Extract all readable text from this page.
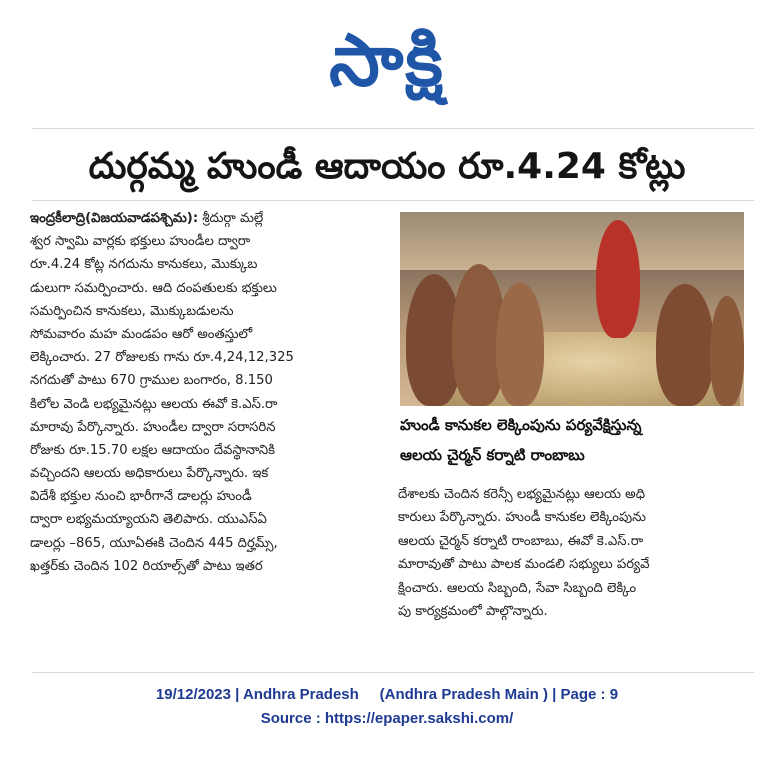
సాక్షి
దుర్గమ్మ హుండీ ఆదాయం రూ.4.24 కోట్లు
ఇంద్రకీలాద్రి(విజయవాడపశ్చిమ): శ్రీదుర్గా మల్లే
శ్వర స్వామి వార్లకు భక్తులు హుండీల ద్వారా
రూ.4.24 కోట్ల నగదును కానుకలు, మొక్కుబ
డులుగా సమర్పించారు. ఆది దంపతులకు భక్తులు
సమర్పించిన కానుకలు, మొక్కుబడులను
సోమవారం మహ మండపం ఆరో అంతస్తులో
లెక్కించారు. 27 రోజులకు గాను రూ.4,24,12,325
నగదుతో పాటు 670 గ్రాముల బంగారం, 8.150
కిలోల వెండి లభ్యమైనట్లు ఆలయ ఈవో కె.ఎస్.రా
మారావు పేర్కొన్నారు. హుండీల ద్వారా సరాసరిన
రోజుకు రూ.15.70 లక్షల ఆదాయం దేవస్థానానికి
వచ్చిందని ఆలయ అధికారులు పేర్కొన్నారు. ఇక
విదేశీ భక్తుల నుంచి భారీగానే డాలర్లు హుండీ
ద్వారా లభ్యమయ్యాయని తెలిపారు. యుఎస్ఏ
డాలర్లు –865, యూఏఈకి చెందిన 445 దిర్హమ్స్,
ఖత్తర్‌కు చెందిన 102 రియాల్స్‌తో పాటు ఇతర
హుండీ కానుకల లెక్కింపును పర్యవేక్షిస్తున్న
ఆలయ చైర్మన్ కర్నాటి రాంబాబు
దేశాలకు చెందిన కరెన్సీ లభ్యమైనట్లు ఆలయ అధి
కారులు పేర్కొన్నారు. హుండీ కానుకల లెక్కింపును
ఆలయ చైర్మన్ కర్నాటి రాంబాబు, ఈవో కె.ఎస్.రా
మారావుతో పాటు పాలక మండలి సభ్యులు పర్యవే
క్షించారు. ఆలయ సిబ్బంది, సేవా సిబ్బంది లెక్కిం
పు కార్యక్రమంలో పాల్గొన్నారు.
19/12/2023 | Andhra Pradesh     (Andhra Pradesh Main ) | Page : 9
Source : https://epaper.sakshi.com/
